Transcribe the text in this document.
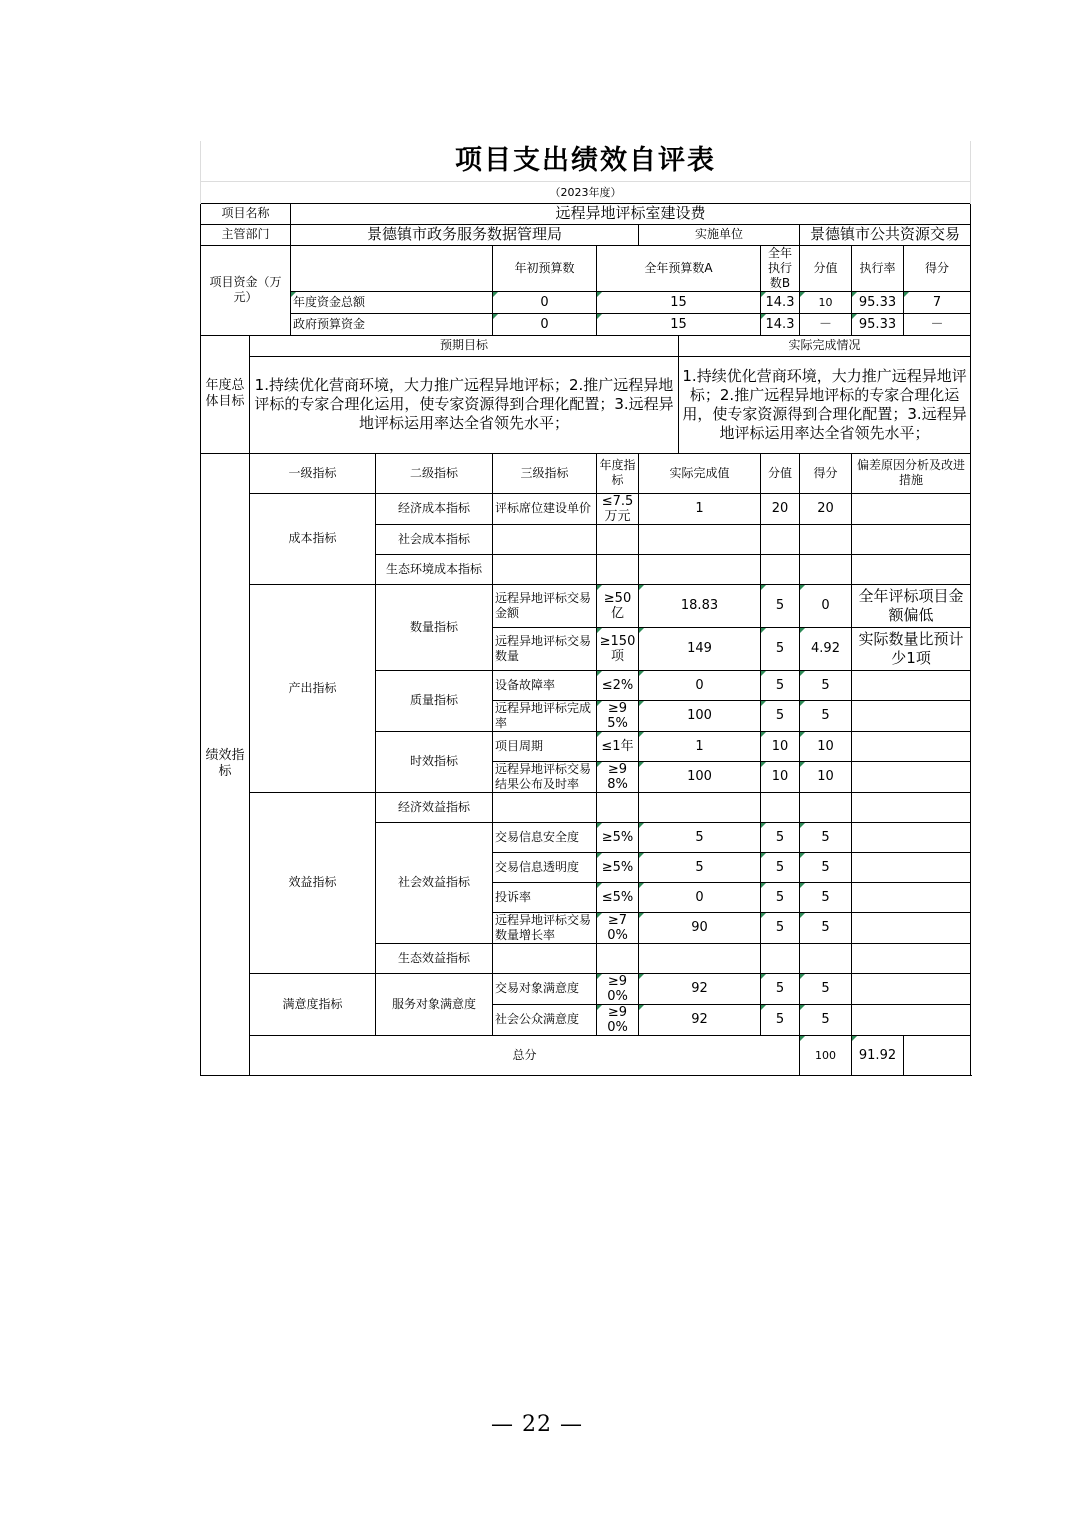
项目支出绩效自评表											
（2023年度）											
项目名称		远程异地评标室建设费									
主管部门		景德镇市政务服务数据管理局				实施单位			景德镇市公共资源交易		
项目资金（万元）				年初预算数	全年预算数A			全年执行数B	分值	执行率	得分
		年度资金总额		0	15			14.3	10	95.33	7
		政府预算资金		0	15			14.3	－	95.33	－
年度总体目标	预期目标						实际完成情况				
	1.持续优化营商环境，大力推广远程异地评标；2.推广远程异地评标的专家合理化运用，使专家资源得到合理化配置；3.远程异地评标运用率达全省领先水平；						1.持续优化营商环境，大力推广远程异地评标；2.推广远程异地评标的专家合理化运用，使专家资源得到合理化配置；3.远程异地评标运用率达全省领先水平；				
绩效指标	一级指标		二级指标	三级指标	年度指标	实际完成值		分值	得分	偏差原因分析及改进措施	
	成本指标		经济成本指标	评标席位建设单价	≤7.5万元	1		20	20		
			社会成本指标								
			生态环境成本指标								
	产出指标		数量指标	远程异地评标交易金额	≥50亿	18.83		5	0	全年评标项目金额偏低	
				远程异地评标交易数量	≥150项	149		5	4.92	实际数量比预计少1项	
			质量指标	设备故障率	≤2%	0		5	5		
				远程异地评标完成率	≥95%	100		5	5		
			时效指标	项目周期	≤1年	1		10	10		
				远程异地评标交易结果公布及时率	≥98%	100		10	10		
	效益指标		经济效益指标								
			社会效益指标	交易信息安全度	≥5%	5		5	5		
				交易信息透明度	≥5%	5		5	5		
				投诉率	≤5%	0		5	5		
				远程异地评标交易数量增长率	≥70%	90		5	5		
			生态效益指标								
	满意度指标		服务对象满意度	交易对象满意度	≥90%	92		5	5		
				社会公众满意度	≥90%	92		5	5		
	总分								100	91.92	
— 22 —
